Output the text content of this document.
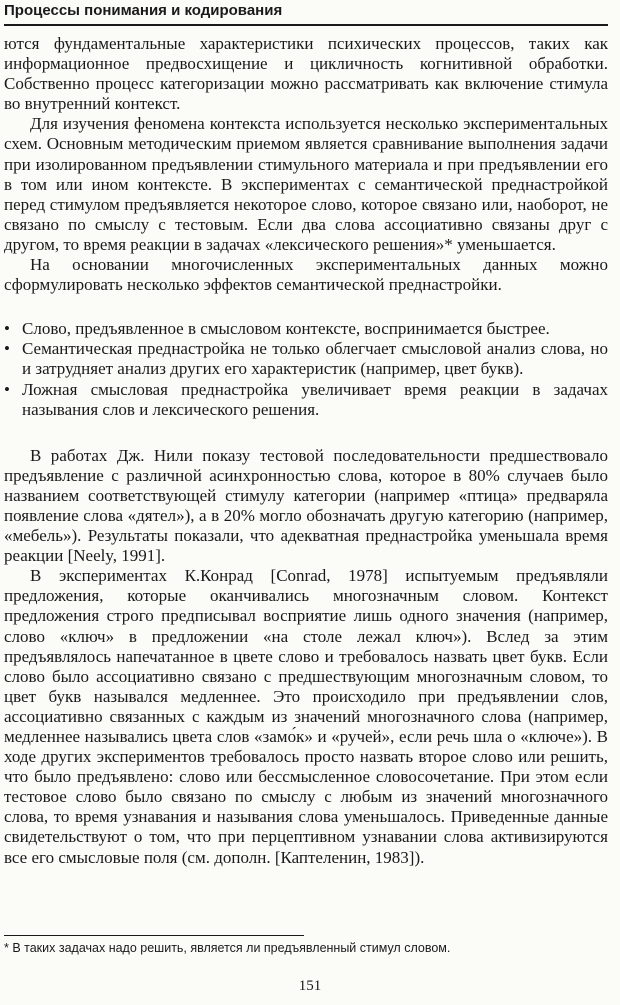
Процессы понимания и кодирования

ются фундаментальные характеристики психических процессов, таких как информационное предвосхищение и цикличность когнитивной обработки. Собственно процесс категоризации можно рассматривать как включение стимула во внутренний контекст.

Для изучения феномена контекста используется несколько экспериментальных схем. Основным методическим приемом является сравнивание выполнения задачи при изолированном предъявлении стимульного материала и при предъявлении его в том или ином контексте. В экспериментах с семантической преднастройкой перед стимулом предъявляется некоторое слово, которое связано или, наоборот, не связано по смыслу с тестовым. Если два слова ассоциативно связаны друг с другом, то время реакции в задачах «лексического решения»* уменьшается.

На основании многочисленных экспериментальных данных можно сформулировать несколько эффектов семантической преднастройки.

• Слово, предъявленное в смысловом контексте, воспринимается быстрее.
• Семантическая преднастройка не только облегчает смысловой анализ слова, но и затрудняет анализ других его характеристик (например, цвет букв).
• Ложная смысловая преднастройка увеличивает время реакции в задачах называния слов и лексического решения.

В работах Дж. Нили показу тестовой последовательности предшествовало предъявление с различной асинхронностью слова, которое в 80% случаев было названием соответствующей стимулу категории (например «птица» предваряла появление слова «дятел»), а в 20% могло обозначать другую категорию (например, «мебель»). Результаты показали, что адекватная преднастройка уменьшала время реакции [Neely, 1991].

В экспериментах К.Конрад [Conrad, 1978] испытуемым предъявляли предложения, которые оканчивались многозначным словом. Контекст предложения строго предписывал восприятие лишь одного значения (например, слово «ключ» в предложении «на столе лежал ключ»). Вслед за этим предъявлялось напечатанное в цвете слово и требовалось назвать цвет букв. Если слово было ассоциативно связано с предшествующим многозначным словом, то цвет букв назывался медленнее. Это происходило при предъявлении слов, ассоциативно связанных с каждым из значений многозначного слова (например, медленнее назывались цвета слов «замо́к» и «ручей», если речь шла о «ключе»). В ходе других экспериментов требовалось просто назвать второе слово или решить, что было предъявлено: слово или бессмысленное словосочетание. При этом если тестовое слово было связано по смыслу с любым из значений многозначного слова, то время узнавания и называния слова уменьшалось. Приведенные данные свидетельствуют о том, что при перцептивном узнавании слова активизируются все его смысловые поля (см. дополн. [Каптеленин, 1983]).

* В таких задачах надо решить, является ли предъявленный стимул словом.
151
